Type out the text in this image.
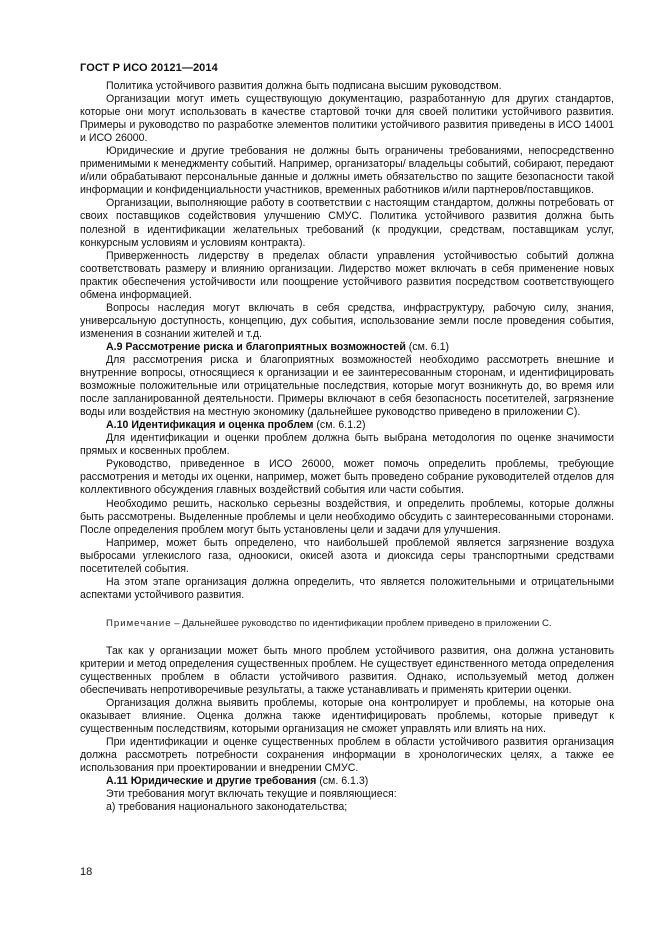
ГОСТ Р ИСО 20121—2014

Политика устойчивого развития должна быть подписана высшим руководством.

Организации могут иметь существующую документацию, разработанную для других стандартов, которые они могут использовать в качестве стартовой точки для своей политики устойчивого развития. Примеры и руководство по разработке элементов политики устойчивого развития приведены в ИСО 14001 и ИСО 26000.

Юридические и другие требования не должны быть ограничены требованиями, непосредственно применимыми к менеджменту событий. Например, организаторы/ владельцы событий, собирают, передают и/или обрабатывают персональные данные и должны иметь обязательство по защите безопасности такой информации и конфиденциальности участников, временных работников и/или партнеров/поставщиков.

Организации, выполняющие работу в соответствии с настоящим стандартом, должны потребовать от своих поставщиков содействовия улучшению СМУС. Политика устойчивого развития должна быть полезной в идентификации желательных требований (к продукции, средствам, поставщикам услуг, конкурсным условиям и условиям контракта).

Приверженность лидерству в пределах области управления устойчивостью событий должна соответствовать размеру и влиянию организации. Лидерство может включать в себя применение новых практик обеспечения устойчивости или поощрение устойчивого развития посредством соответствующего обмена информацией.

Вопросы наследия могут включать в себя средства, инфраструктуру, рабочую силу, знания, универсальную доступность, концепцию, дух события, использование земли после проведения события, изменения в сознании жителей и т.д.

А.9 Рассмотрение риска и благоприятных возможностей (см. 6.1)

Для рассмотрения риска и благоприятных возможностей необходимо рассмотреть внешние и внутренние вопросы, относящиеся к организации и ее заинтересованным сторонам, и идентифицировать возможные положительные или отрицательные последствия, которые могут возникнуть до, во время или после запланированной деятельности. Примеры включают в себя безопасность посетителей, загрязнение воды или воздействия на местную экономику (дальнейшее руководство приведено в приложении С).

А.10 Идентификация и оценка проблем (см. 6.1.2)

Для идентификации и оценки проблем должна быть выбрана методология по оценке значимости прямых и косвенных проблем.

Руководство, приведенное в ИСО 26000, может помочь определить проблемы, требующие рассмотрения и методы их оценки, например, может быть проведено собрание руководителей отделов для коллективного обсуждения главных воздействий события или части события.

Необходимо решить, насколько серьезны воздействия, и определить проблемы, которые должны быть рассмотрены. Выделенные проблемы и цели необходимо обсудить с заинтересованными сторонами. После определения проблем могут быть установлены цели и задачи для улучшения.

Например, может быть определено, что наибольшей проблемой является загрязнение воздуха выбросами углекислого газа, одноокиси, окисей азота и диоксида серы транспортными средствами посетителей события.

На этом этапе организация должна определить, что является положительными и отрицательными аспектами устойчивого развития.

Примечание – Дальнейшее руководство по идентификации проблем приведено в приложении С.

Так как у организации может быть много проблем устойчивого развития, она должна установить критерии и метод определения существенных проблем. Не существует единственного метода определения существенных проблем в области устойчивого развития. Однако, используемый метод должен обеспечивать непротиворечивые результаты, а также устанавливать и применять критерии оценки.

Организация должна выявить проблемы, которые она контролирует и проблемы, на которые она оказывает влияние. Оценка должна также идентифицировать проблемы, которые приведут к существенным последствиям, которыми организация не сможет управлять или влиять на них.

При идентификации и оценке существенных проблем в области устойчивого развития организация должна рассмотреть потребности сохранения информации в хронологических целях, а также ее использования при проектировании и внедрении СМУС.

А.11 Юридические и другие требования (см. 6.1.3)

Эти требования могут включать текущие и появляющиеся:

а) требования национального законодательства;

18
